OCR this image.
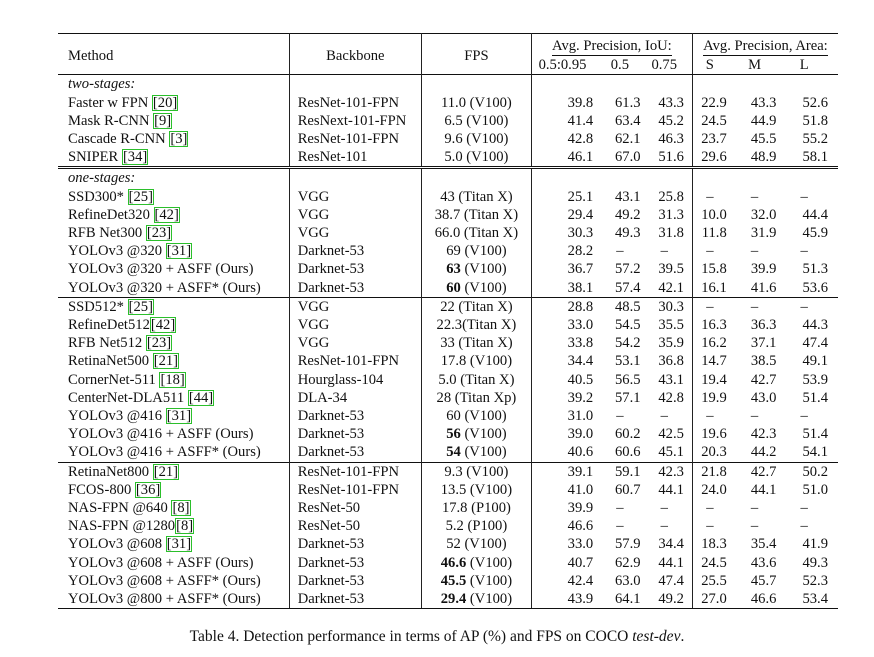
Method	Backbone	FPS	Avg. Precision, IoU:			Avg. Precision, Area:		
			0.5:0.95	0.5	0.75	S	M	L
two-stages:								
Faster w FPN [20]	ResNet-101-FPN	11.0 (V100)	39.8	61.3	43.3	22.9	43.3	52.6
Mask R-CNN [9]	ResNext-101-FPN	6.5 (V100)	41.4	63.4	45.2	24.5	44.9	51.8
Cascade R-CNN [3]	ResNet-101-FPN	9.6 (V100)	42.8	62.1	46.3	23.7	45.5	55.2
SNIPER [34]	ResNet-101	5.0 (V100)	46.1	67.0	51.6	29.6	48.9	58.1
one-stages:								
SSD300* [25]	VGG	43 (Titan X)	25.1	43.1	25.8	–	–	–
RefineDet320 [42]	VGG	38.7 (Titan X)	29.4	49.2	31.3	10.0	32.0	44.4
RFB Net300 [23]	VGG	66.0 (Titan X)	30.3	49.3	31.8	11.8	31.9	45.9
YOLOv3 @320 [31]	Darknet-53	69 (V100)	28.2	–	–	–	–	–
YOLOv3 @320 + ASFF (Ours)	Darknet-53	63 (V100)	36.7	57.2	39.5	15.8	39.9	51.3
YOLOv3 @320 + ASFF* (Ours)	Darknet-53	60 (V100)	38.1	57.4	42.1	16.1	41.6	53.6
SSD512* [25]	VGG	22 (Titan X)	28.8	48.5	30.3	–	–	–
RefineDet512[42]	VGG	22.3(Titan X)	33.0	54.5	35.5	16.3	36.3	44.3
RFB Net512 [23]	VGG	33 (Titan X)	33.8	54.2	35.9	16.2	37.1	47.4
RetinaNet500 [21]	ResNet-101-FPN	17.8 (V100)	34.4	53.1	36.8	14.7	38.5	49.1
CornerNet-511 [18]	Hourglass-104	5.0 (Titan X)	40.5	56.5	43.1	19.4	42.7	53.9
CenterNet-DLA511 [44]	DLA-34	28 (Titan Xp)	39.2	57.1	42.8	19.9	43.0	51.4
YOLOv3 @416 [31]	Darknet-53	60 (V100)	31.0	–	–	–	–	–
YOLOv3 @416 + ASFF (Ours)	Darknet-53	56 (V100)	39.0	60.2	42.5	19.6	42.3	51.4
YOLOv3 @416 + ASFF* (Ours)	Darknet-53	54 (V100)	40.6	60.6	45.1	20.3	44.2	54.1
RetinaNet800 [21]	ResNet-101-FPN	9.3 (V100)	39.1	59.1	42.3	21.8	42.7	50.2
FCOS-800 [36]	ResNet-101-FPN	13.5 (V100)	41.0	60.7	44.1	24.0	44.1	51.0
NAS-FPN @640 [8]	ResNet-50	17.8 (P100)	39.9	–	–	–	–	–
NAS-FPN @1280[8]	ResNet-50	5.2 (P100)	46.6	–	–	–	–	–
YOLOv3 @608 [31]	Darknet-53	52 (V100)	33.0	57.9	34.4	18.3	35.4	41.9
YOLOv3 @608 + ASFF (Ours)	Darknet-53	46.6 (V100)	40.7	62.9	44.1	24.5	43.6	49.3
YOLOv3 @608 + ASFF* (Ours)	Darknet-53	45.5 (V100)	42.4	63.0	47.4	25.5	45.7	52.3
YOLOv3 @800 + ASFF* (Ours)	Darknet-53	29.4 (V100)	43.9	64.1	49.2	27.0	46.6	53.4
Table 4. Detection performance in terms of AP (%) and FPS on COCO test-dev.
